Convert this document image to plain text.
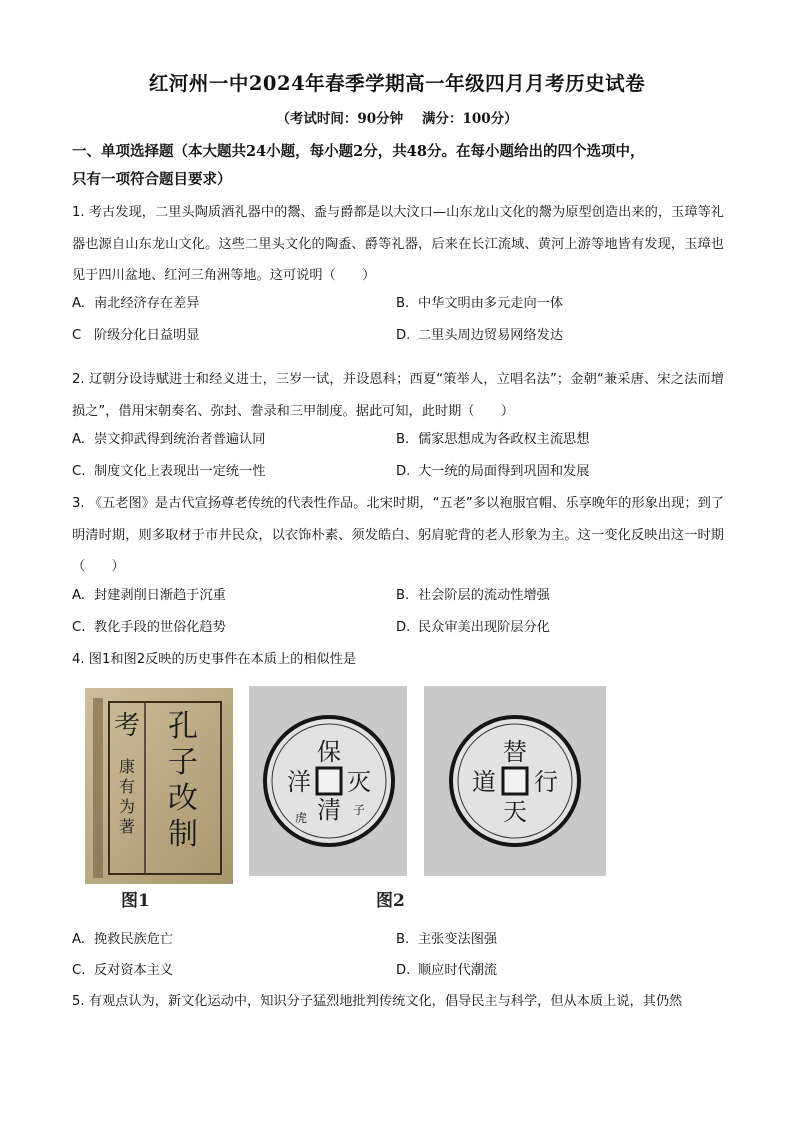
红河州一中2024年春季学期高一年级四月月考历史试卷
（考试时间：90分钟    满分：100分）
一、单项选择题（本大题共24小题，每小题2分，共48分。在每小题给出的四个选项中，
只有一项符合题目要求）
1. 考古发现，二里头陶质酒礼器中的鬶、盉与爵都是以大汶口—山东龙山文化的鬶为原型创造出来的，玉璋等礼器也源自山东龙山文化。这些二里头文化的陶盉、爵等礼器，后来在长江流域、黄河上游等地皆有发现，玉璋也见于四川盆地、红河三角洲等地。这可说明（　　）
A. 南北经济存在差异	B. 中华文明由多元走向一体
C 阶级分化日益明显	D. 二里头周边贸易网络发达
2. 辽朝分设诗赋进士和经义进士，三岁一试，并设恩科；西夏“策举人，立唱名法”；金朝“兼采唐、宋之法而增损之”，借用宋朝奏名、弥封、誊录和三甲制度。据此可知，此时期（　　）
A. 崇文抑武得到统治者普遍认同	B. 儒家思想成为各政权主流思想
C. 制度文化上表现出一定统一性	D. 大一统的局面得到巩固和发展
3. 《五老图》是古代宣扬尊老传统的代表性作品。北宋时期，“五老”多以袍服官帽、乐享晚年的形象出现；到了明清时期，则多取材于市井民众，以衣饰朴素、须发皓白、躬肩驼背的老人形象为主。这一变化反映出这一时期（　　）
A. 封建剥削日渐趋于沉重	B. 社会阶层的流动性增强
C. 教化手段的世俗化趋势	D. 民众审美出现阶层分化
4. 图1和图2反映的历史事件在本质上的相似性是
孔
子
改
制
考
康
有
为
著
图1
保
清
洋 灭
虎
子
替
天
道 行
图2
A. 挽救民族危亡	B. 主张变法图强
C. 反对资本主义	D. 顺应时代潮流
5. 有观点认为，新文化运动中，知识分子猛烈地批判传统文化，倡导民主与科学，但从本质上说，其仍然
